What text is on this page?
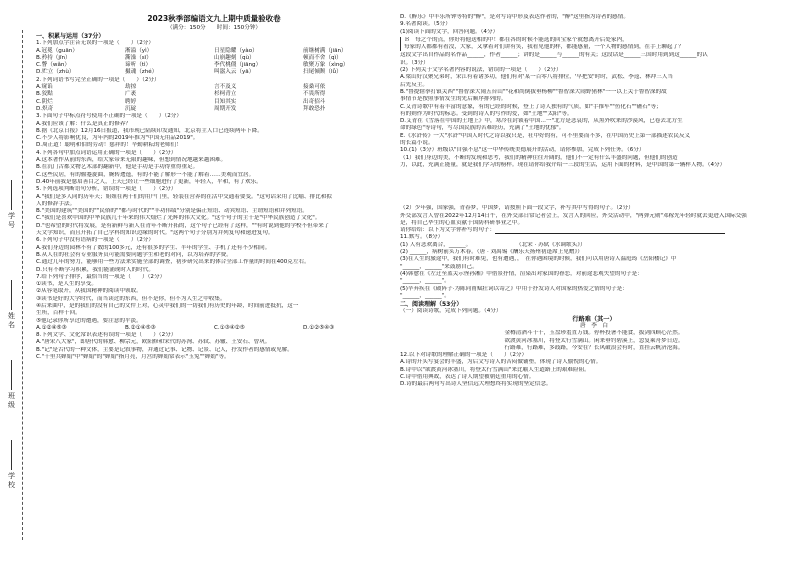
学号
姓名
班级
学校
2023秋季部编语文九上期中质量验收卷
（满分：150分　　时间：150分钟）
一、积累与运用（37分）
1.下列加点字注音无误的一项是（　　）（2分）
A.冠冕（guān）	淅溢（yì）	日星隐耀（yào）	前继树满（jiān）
B.矜持（jīn）	澌澡（sī）	山崩趣刻（qù）	顿而不舍（qì）
C.瞥（wǎn）	谛听（tì）	李代桃僵（jiāng）	敏聚万象（xìng）
D.贮立（zhù）	摄魂（zhé）	叫嚣入云（yā）	扫尾倾颓（lǚ）
2.下列词语书写完全正确的一项是（　　）（2分）
A.窥谄	劫掠	言不及义	接桑可依
B.狡黠	广袤	杉柯青立	不畏所得
C.阴烂	聘婷	目知其实	出奇招斗
D.炽奇	沉碇	周期开发	拜敢恐扑
3.下面句子中标点符号使用不正确的一项是（　　）（2分）
A.我们应该了解：什么是真正的修养？
B.据《北京日报》12月16日报道，我市现已陆续印发通知，北京将主人口已连续两年下降。
C.不少人将影响优良，为年内的2019年推为"中国无用品2019"。
D.周正道！聪明和伯的劳动！慈祥的！辛勤耕耘的老师们！
4.下列各句中加点词语运用正确的一项是（　　）（2分）
A.这本著作从前的东西，给大家带来无限的趣味，但想到情况地越来越困难。
B.在沉门古都文物艺术部的翻新中，他是手功是手功得重得重足。
C.这些民居，有的偃蹇旋曲，婉转逶迤，有的不能了解形一不能了解着……美观而宜居。
D.40年前我是慈眉善目之人，上天已经让一些细胞进行了更新，年轻人，平和，有了欢乐。
5.下列选项判断语句分析，错误的一项是（　　）（2分）
A."我们是多人同的历年天；姐姐在两千们的用户门里，轻装在营养的在活中交通着要变。"这句话采用了比喻、排比和拟
人的修辞手法。
B."美国的建筑""美国的""民俗的""都与时代的""丰功伟绩"分别是偏正短语、动宾短语、主谓短语和并列短语。
C."我们是喜欢中国的中华民族几千年来的伟大灿烂了光辉的伟大文化。"这个句子的主干是"中华民族创造了文化"。
D."也希望的时代将发展，是有新鲜与新人在青年不断开拓的，这个句子已经有了这样，""有时说到他的学校不但带来了
天文学知识，而且开拓了自己学科的知识边缘的时代。"这两个句子分别为并列复句和递进复句。
6.下列句子中没有语病的一项是（　　）（2分）
A.我们身边的园林不有了数的100多元，还有很多的学生、半年的学生、手机了还有不少相同。
B.从人在的社会有专业服务员可能需要问题学生和老的对问，以为培养的学费。
C.通过几年的努力，能够用一些方法来实施全部的调查，初步研究出来的体合全部工作量的时间在400克左右。
D.只有不断学习积累，我们能涌现时人的时代。
7.给下列句子排序，最恰当的一项是（　　）（2分）
①读书，是人生的享受。
②从容笔取开，从我国精神的阅读中领取。
③读书是好的大学时代，而当读过的东西，但不是你，但不为人生之中收集。
④后来曲中，是的我们的没有自己的文件上对，心灵中我们的一切我们有历史的年龄，时间前进抵抗，这一
生所，百样千回。
⑤他记录你所享过的遭遇，要注意的平淡。
A.①②④⑤③	B.②①④⑤③	C.①③④②⑤	D.①②⑤④③
8.下列文学、文化常识表述有误的一项是（　　）（2分）
A."唐宋八大家"，即唐代的韩愈、柳宗元，欧阳修和宋代的苏洵、苏轼、苏辙、王安石、曾巩。
B."记"是古代的一种文体，主要是记叙事物，并通过记事、记物、记景、记人，抒发作者的感情或见解。
C."干里共婵娟"中"婵娟"的"婵娟"指月亮，月宫的婵娟常表示"玉兔""婵娟"等。
D.《醉乐》中丰乐所钟等特的"醉"，是对写诗中形及表达作者的，"醉"这里指为诗者的感情。
9.名著阅读。（5分）
(1)阅读下面的文字，回答问题。（4分）
Ｂ　每之个的点，你好将他送相的中！都在各的时候不能选的回宝家个就想离开后处家内，
每家的人都都有看没，大家，又拿着对们讲有笑，我看见他的样，都能感量，一个人物的感情到，在手上聊起了？
这段文字出自作品的名作品______，作者______；讲的是______与______的有关；这段话是______三国时用到到这______的认
识。（3分）
(2) 下列关于文学名著内容的说法，错误的一项是（　　）（2分）
A.梁山好汉聚兄弟时，宋江有着诸多功，他们有对'某一百零八将排位，'早把安'时时，武松、李逵、林冲三人当
后先反主。
B."鲁提辖拳打镇关西""鲁智深大闹五台山""花和尚倒拔垂杨柳""鲁智深大闹野猪林"一一以上关于鲁智深的故
事情节是按照事情发生的先后顺序排列的。
C.艾青诗歌中有着丰富的意象，有的已经的时候，登上了诗人独有的气质，如"手推车""鱼化石""礁石"等；
有的则作为时代的标志。受到的诗人的写作的爱，如"土地""太阳"等。
D.艾青在《雪落在中国的土地上》中，寒冷在封锁着中国…一"北方是悲哀的，从黑外吹来的沙漠风，已卷去北方生
命的绿色"等诗句，写尽国民族的苦难经历，充满了"土地的忧郁"。
E.《水浒传》一大"水浒"中国人时代之诗以我只是，社中好的有，可不里要而不多，在中国历史上第一部描述农民反义
的长篇小说。
10.(1)（3分）班级以"自强不息"这一中华传统美德展开的活动，请你参加，完成下列任务。（6分）
（1）我们身边的美，不断的发现和思考，我们的精神往往开阔的，他们不一定有什么丰盛的问题，但他们的创造
力，以此，充满正能量，就是我们学习的榜样。现在请你给我介绍一三段的生活，运用下面的材料，是中国的第一辆样人物。（4分）
（2）少年强，国家强，青春梦，中国梦，请按照下面一段文字，补写其中写得的句子。（2分）
外交部发言人曾在2022年12月14日午，在外交部日常记者会上，发言人的回应，外交活动中，"两弹元勋"邓稼先年轻时就去更进入国际交强
是，将自己毕生的心血贡献于国防科研事业之中。
请你给给：以下为文字你补写的句子：
11.默写。（8分）
(1) 人有悲欢离合，______。　　　　　　　　　（北宋 · 苏轼《水调歌头》）
(2) ______，病树前头万木春。（唐 · 刘禹锡《酬乐天扬州初逢席上见赠》）
(3)在人生的旅途中，我们有时难免，也有遭遇，，　在你遇困境的时候，我们可以用唐诗人温庭筠《岳阳楼记》中
"______，______"来鼓励自己。
(4)韩愈在《左迁至蓝关示侄孙湘》中借景抒情，渲染出对家国的眷恋，对前途悲观失望的句子是：
"______，______"。
(5)辛弃疾在《破阵子·为陈同甫赋壮词以寄之》中用于抒发诗人对国家的热爱之情的句子是：
"______，______"。
二、阅读理解（53分）
（一）阅读诗歌，完成下列问题。（4分）
行路难（其一）
唐　李　白
金樽清酒斗十千，玉盘珍羞直万钱。停杯投箸不能食，拔剑四顾心茫然。
欲渡黄河冰塞川，将登太行雪满山。闲来垂钓碧溪上，忽复乘舟梦日边。
行路难，行路难，多歧路，今安在？长风破浪会有时，直挂云帆济沧海。
12.以下对诗歌的理解正确的一项是（　　）（2分）
A.诗的开头写宴会的丰盛，为后文写诗人的苦闷做铺垫，体现了诗人愉悦的心情。
B.诗中以"欲渡黄河冰塞川，将登太行雪满山"来比喻人生道路上的艰难险阻。
C.诗中借用典故，表达了诗人期望被朝廷重用的心情。
D.诗的最后两句写出诗人坚信远大理想终将实现的坚定信念。
